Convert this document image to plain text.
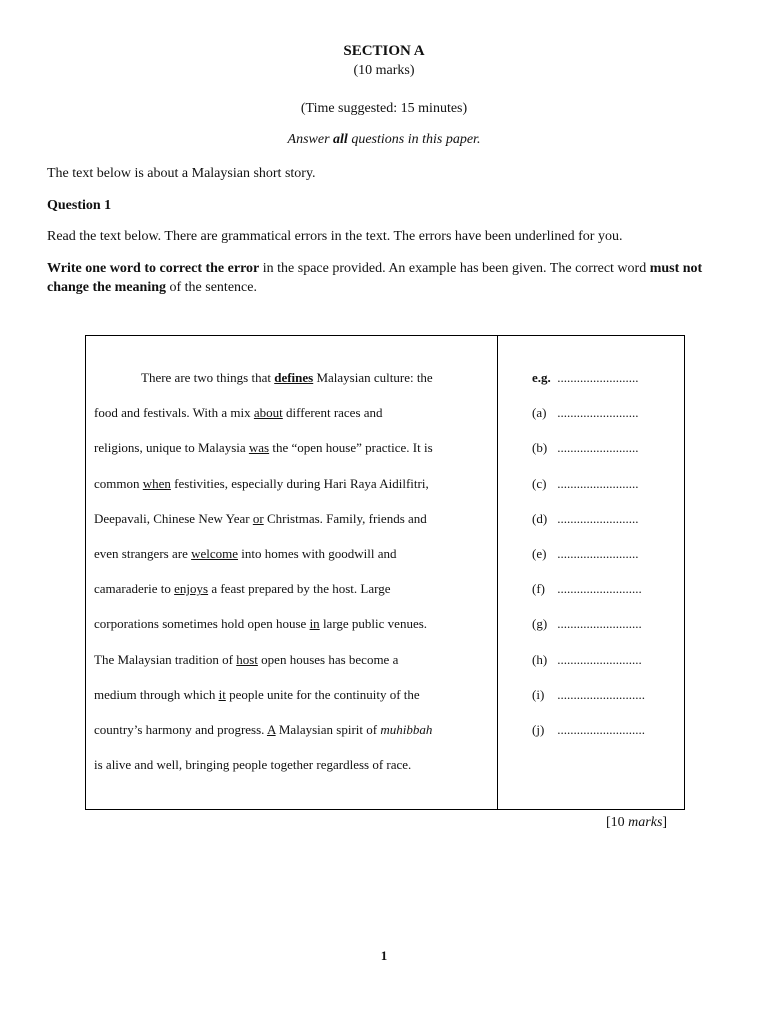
SECTION A
(10 marks)
(Time suggested: 15 minutes)
Answer all questions in this paper.
The text below is about a Malaysian short story.
Question 1
Read the text below. There are grammatical errors in the text. The errors have been underlined for you.
Write one word to correct the error in the space provided. An example has been given. The correct word must not change the meaning of the sentence.
There are two things that defines Malaysian culture: the
food and festivals. With a mix about different races and
religions, unique to Malaysia was the “open house” practice. It is
common when festivities, especially during Hari Raya Aidilfitri,
Deepavali, Chinese New Year or Christmas. Family, friends and
even strangers are welcome into homes with goodwill and
camaraderie to enjoys a feast prepared by the host. Large
corporations sometimes hold open house in large public venues.
The Malaysian tradition of host open houses has become a
medium through which it people unite for the continuity of the
country’s harmony and progress. A Malaysian spirit of muhibbah
is alive and well, bringing people together regardless of race.
e.g. .........................
(a) .........................
(b) .........................
(c) .........................
(d) .........................
(e) .........................
(f) ..........................
(g) ..........................
(h) ..........................
(i) ...........................
(j) ...........................
[10 marks]
1
